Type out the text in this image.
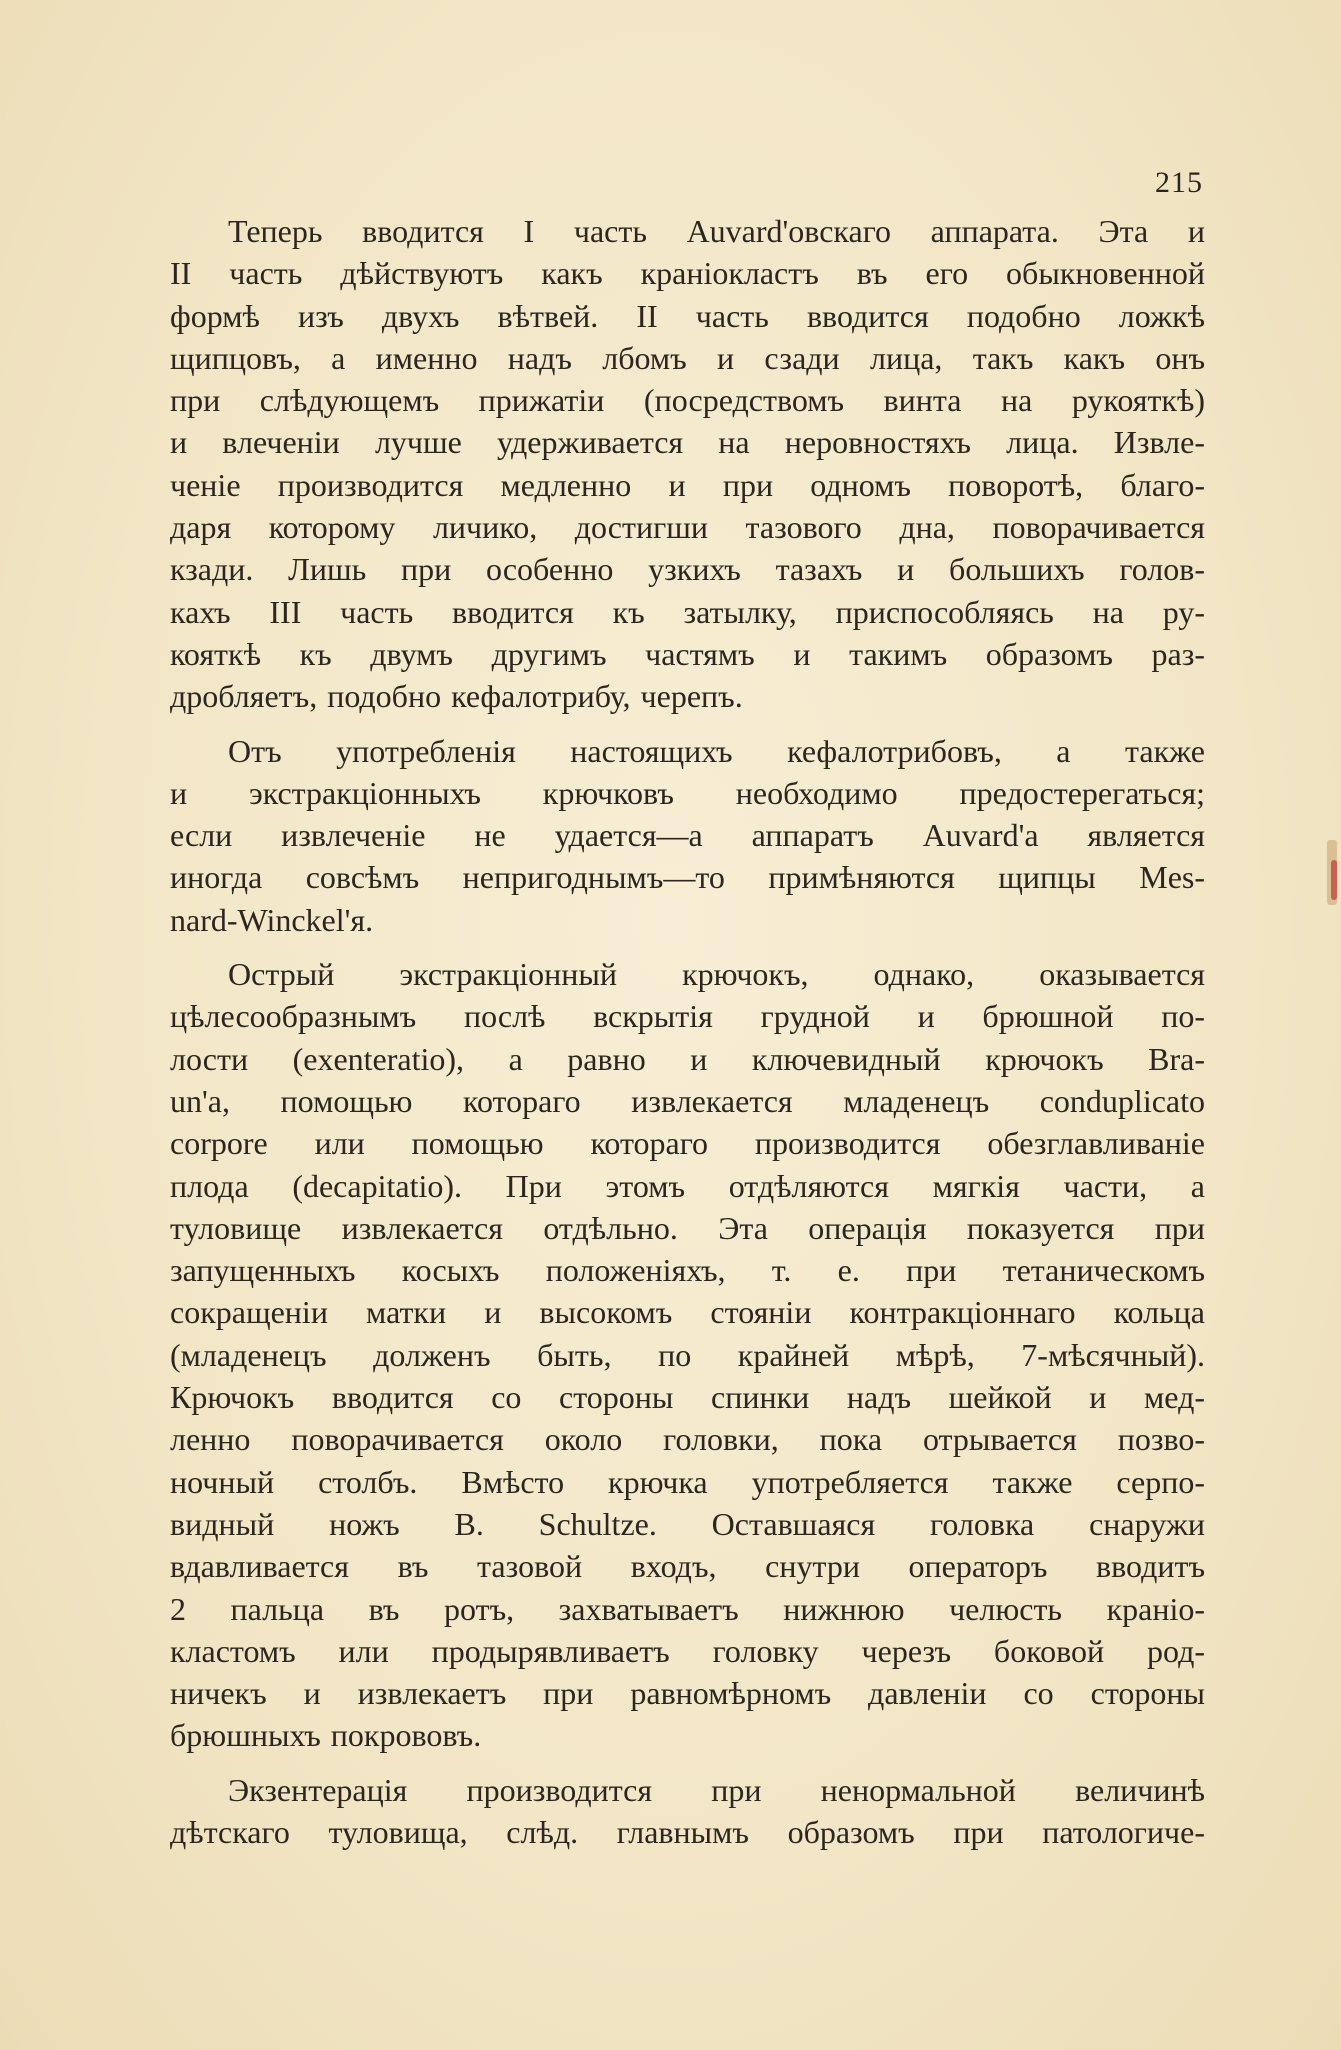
215
Теперь вводится I часть Auvard'овскаго аппарата. Эта и
II часть дѣйствуютъ какъ краніокластъ въ его обыкновенной
формѣ изъ двухъ вѣтвей. II часть вводится подобно ложкѣ
щипцовъ, а именно надъ лбомъ и сзади лица, такъ какъ онъ
при слѣдующемъ прижатіи (посредствомъ винта на рукояткѣ)
и влеченіи лучше удерживается на неровностяхъ лица. Извле-
ченіе производится медленно и при одномъ поворотѣ, благо-
даря которому личико, достигши тазового дна, поворачивается
кзади. Лишь при особенно узкихъ тазахъ и большихъ голов-
кахъ III часть вводится къ затылку, приспособляясь на ру-
кояткѣ къ двумъ другимъ частямъ и такимъ образомъ раз-
дробляетъ, подобно кефалотрибу, черепъ.
Отъ употребленія настоящихъ кефалотрибовъ, а также
и экстракціонныхъ крючковъ необходимо предостерегаться;
если извлеченіе не удается—а аппаратъ Auvard'а является
иногда совсѣмъ непригоднымъ—то примѣняются щипцы Mes-
nard-Winckel'я.
Острый экстракціонный крючокъ, однако, оказывается
цѣлесообразнымъ послѣ вскрытія грудной и брюшной по-
лости (exenteratio), а равно и ключевидный крючокъ Bra-
un'a, помощью котораго извлекается младенецъ conduplicato
corpore или помощью котораго производится обезглавливаніе
плода (decapitatio). При этомъ отдѣляются мягкія части, а
туловище извлекается отдѣльно. Эта операція показуется при
запущенныхъ косыхъ положеніяхъ, т. е. при тетаническомъ
сокращеніи матки и высокомъ стояніи контракціоннаго кольца
(младенецъ долженъ быть, по крайней мѣрѣ, 7-мѣсячный).
Крючокъ вводится со стороны спинки надъ шейкой и мед-
ленно поворачивается около головки, пока отрывается позво-
ночный столбъ. Вмѣсто крючка употребляется также серпо-
видный ножъ B. Schultze. Оставшаяся головка снаружи
вдавливается въ тазовой входъ, снутри операторъ вводитъ
2 пальца въ ротъ, захватываетъ нижнюю челюсть краніо-
кластомъ или продырявливаетъ головку черезъ боковой род-
ничекъ и извлекаетъ при равномѣрномъ давленіи со стороны
брюшныхъ покрововъ.
Экзентерація производится при ненормальной величинѣ
дѣтскаго туловища, слѣд. главнымъ образомъ при патологиче-
